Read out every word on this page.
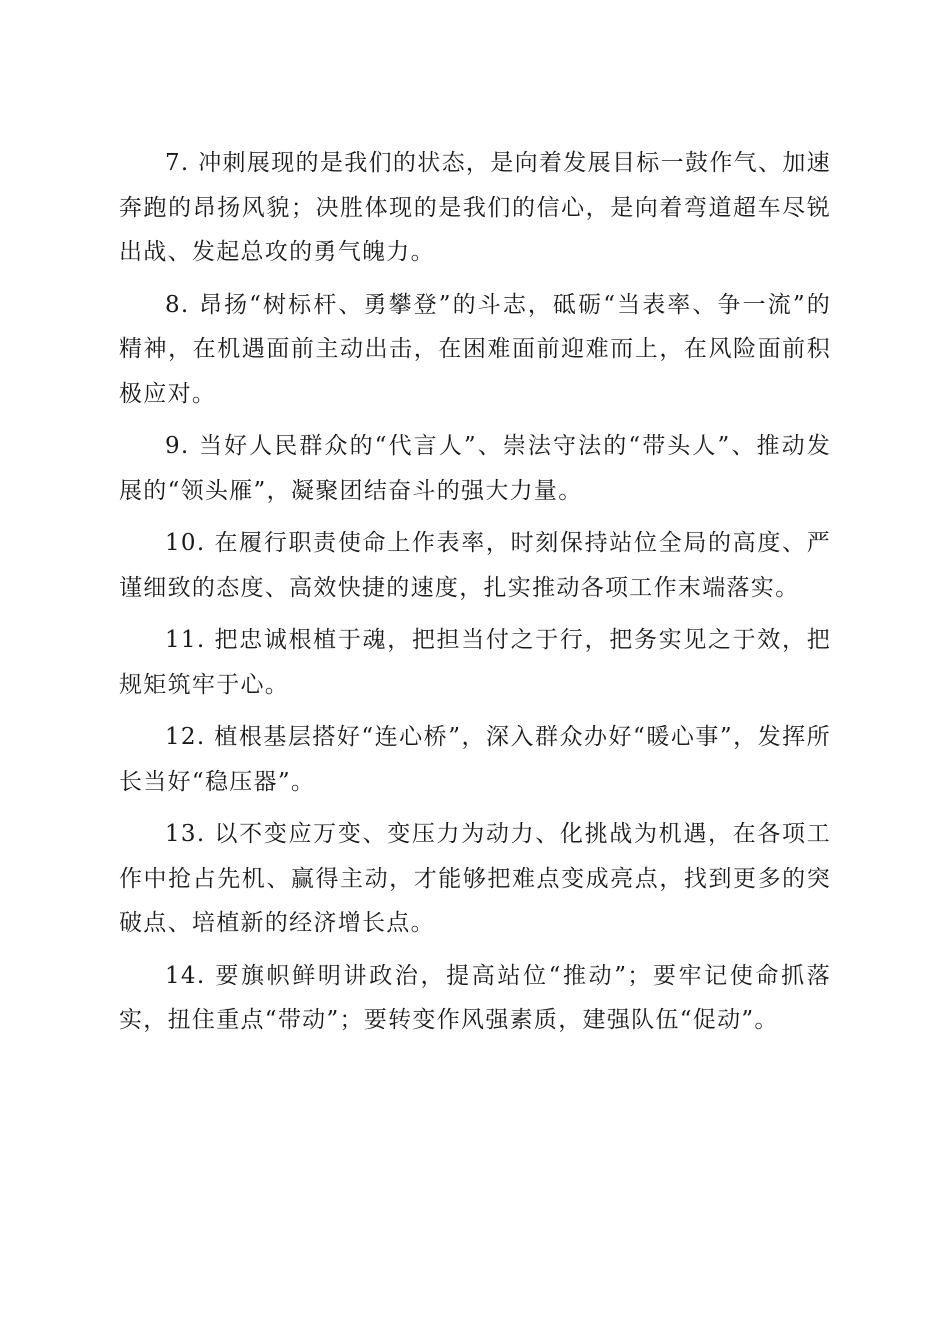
7. 冲刺展现的是我们的状态，是向着发展目标一鼓作气、加速奔跑的昂扬风貌；决胜体现的是我们的信心，是向着弯道超车尽锐出战、发起总攻的勇气魄力。

8. 昂扬“树标杆、勇攀登”的斗志，砥砺“当表率、争一流”的精神，在机遇面前主动出击，在困难面前迎难而上，在风险面前积极应对。

9. 当好人民群众的“代言人”、崇法守法的“带头人”、推动发展的“领头雁”，凝聚团结奋斗的强大力量。

10. 在履行职责使命上作表率，时刻保持站位全局的高度、严谨细致的态度、高效快捷的速度，扎实推动各项工作末端落实。

11. 把忠诚根植于魂，把担当付之于行，把务实见之于效，把规矩筑牢于心。

12. 植根基层搭好“连心桥”，深入群众办好“暖心事”，发挥所长当好“稳压器”。

13. 以不变应万变、变压力为动力、化挑战为机遇，在各项工作中抢占先机、赢得主动，才能够把难点变成亮点，找到更多的突破点、培植新的经济增长点。

14. 要旗帜鲜明讲政治，提高站位“推动”；要牢记使命抓落实，扭住重点“带动”；要转变作风强素质，建强队伍“促动”。
